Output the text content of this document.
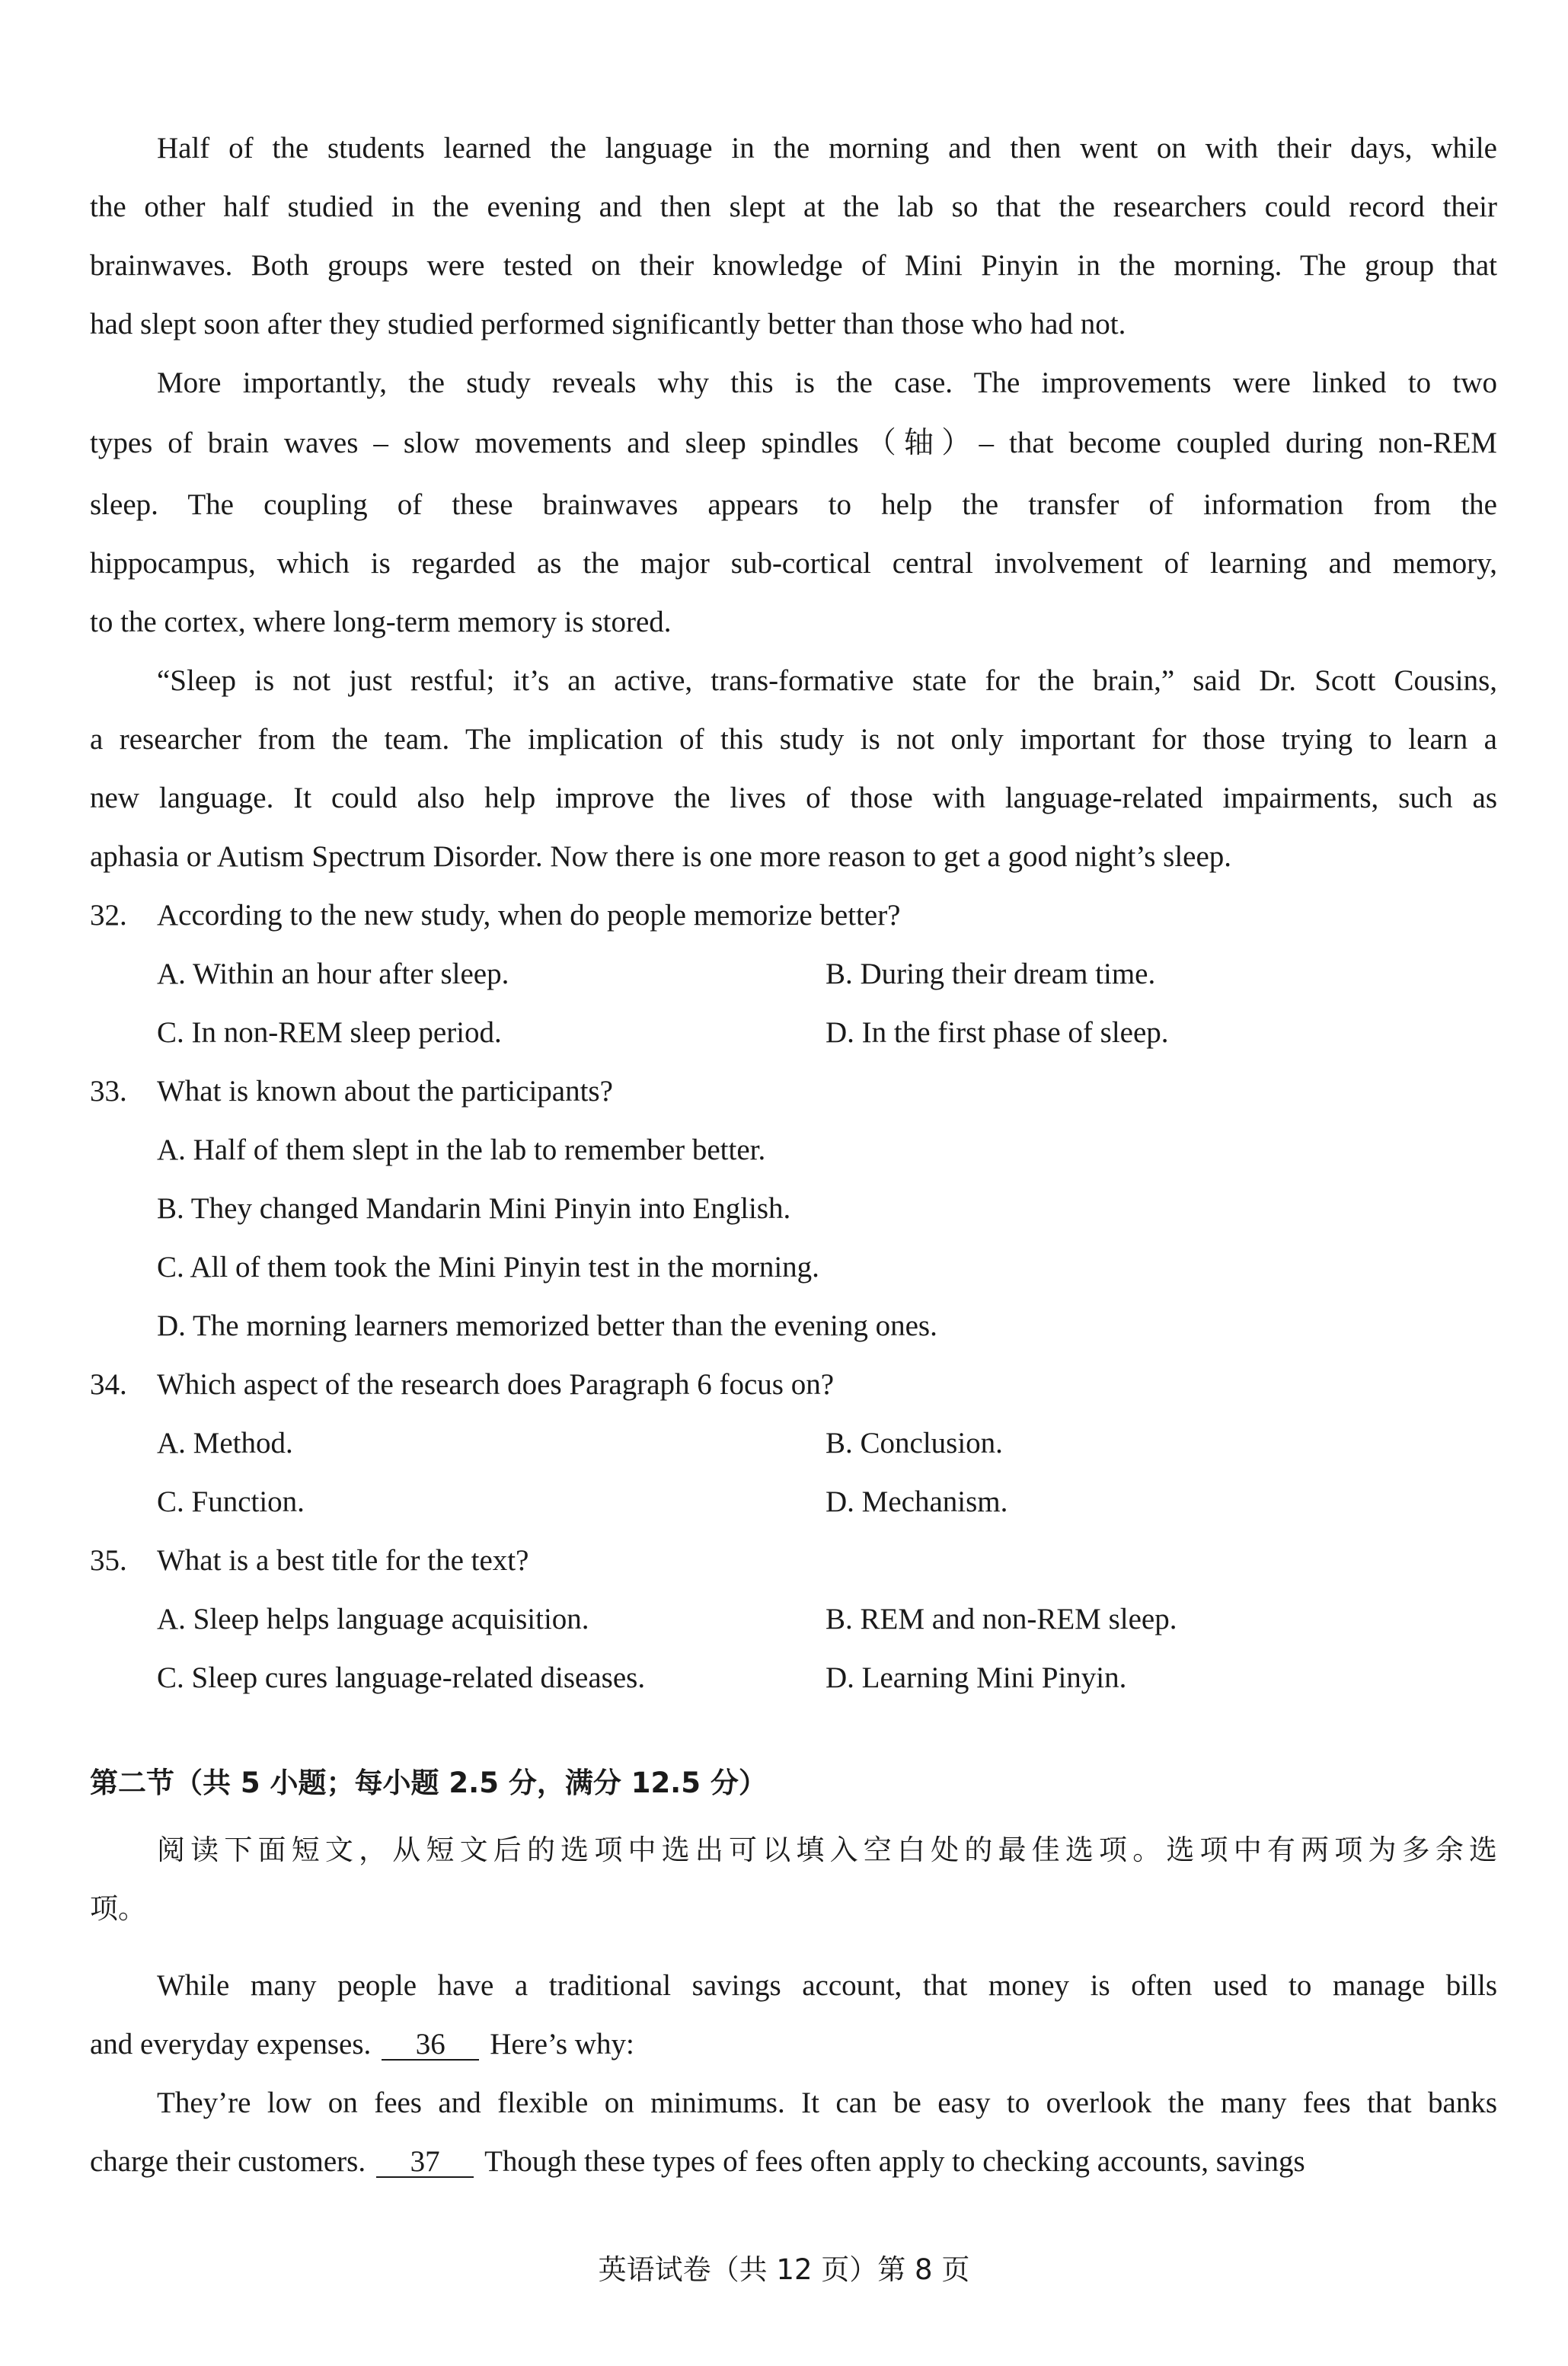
Half of the students learned the language in the morning and then went on with their days, while

the other half studied in the evening and then slept at the lab so that the researchers could record their

brainwaves. Both groups were tested on their knowledge of Mini Pinyin in the morning. The group that

had slept soon after they studied performed significantly better than those who had not.

More importantly, the study reveals why this is the case. The improvements were linked to two

types of brain waves – slow movements and sleep spindles（轴）– that become coupled during non-REM

sleep. The coupling of these brainwaves appears to help the transfer of information from the

hippocampus, which is regarded as the major sub-cortical central involvement of learning and memory,

to the cortex, where long-term memory is stored.

“Sleep is not just restful; it’s an active, trans-formative state for the brain,” said Dr. Scott Cousins,

a researcher from the team. The implication of this study is not only important for those trying to learn a

new language. It could also help improve the lives of those with language-related impairments, such as

aphasia or Autism Spectrum Disorder. Now there is one more reason to get a good night’s sleep.

32. According to the new study, when do people memorize better?

A. Within an hour after sleep.	B. During their dream time.

C. In non-REM sleep period.	D. In the first phase of sleep.

33. What is known about the participants?

A. Half of them slept in the lab to remember better.

B. They changed Mandarin Mini Pinyin into English.

C. All of them took the Mini Pinyin test in the morning.

D. The morning learners memorized better than the evening ones.

34. Which aspect of the research does Paragraph 6 focus on?

A. Method.	B. Conclusion.

C. Function.	D. Mechanism.

35. What is a best title for the text?

A. Sleep helps language acquisition.	B. REM and non-REM sleep.

C. Sleep cures language-related diseases.	D. Learning Mini Pinyin.

第二节（共 5 小题；每小题 2.5 分，满分 12.5 分）

阅读下面短文，从短文后的选项中选出可以填入空白处的最佳选项。选项中有两项为多余选

项。

While many people have a traditional savings account, that money is often used to manage bills

and everyday expenses. 36 Here’s why:

They’re low on fees and flexible on minimums. It can be easy to overlook the many fees that banks

charge their customers. 37 Though these types of fees often apply to checking accounts, savings

英语试卷（共 12 页）第 8 页
